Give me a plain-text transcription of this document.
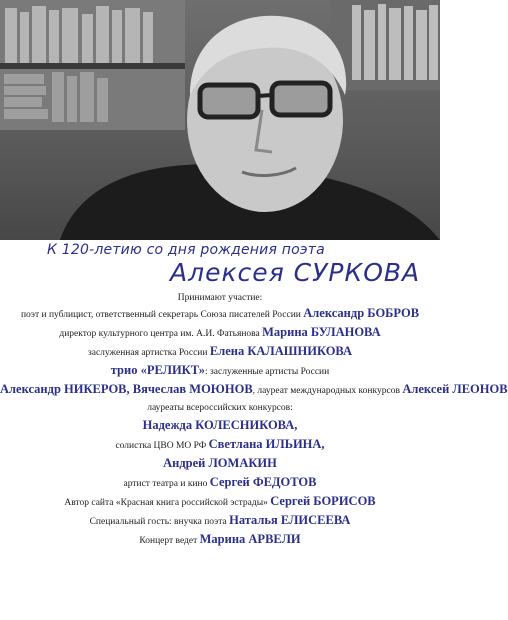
К 120-летию со дня рождения поэта
Алексея СУРКОВА
Принимают участие:
поэт и публицист, ответственный секретарь Союза писателей России Александр БОБРОВ
директор культурного центра им. А.И. Фатьянова Марина БУЛАНОВА
заслуженная артистка России Елена КАЛАШНИКОВА
трио «РЕЛИКТ»: заслуженные артисты России
Александр НИКЕРОВ, Вячеслав МОЮНОВ, лауреат международных конкурсов Алексей ЛЕОНОВ
лауреаты всероссийских конкурсов:
Надежда КОЛЕСНИКОВА,
солистка ЦВО МО РФ Светлана ИЛЬИНА,
Андрей ЛОМАКИН
артист театра и кино Сергей ФЕДОТОВ
Автор сайта «Красная книга российской эстрады» Сергей БОРИСОВ
Специальный гость: внучка поэта Наталья ЕЛИСЕЕВА
Концерт ведет Марина АРВЕЛИ
